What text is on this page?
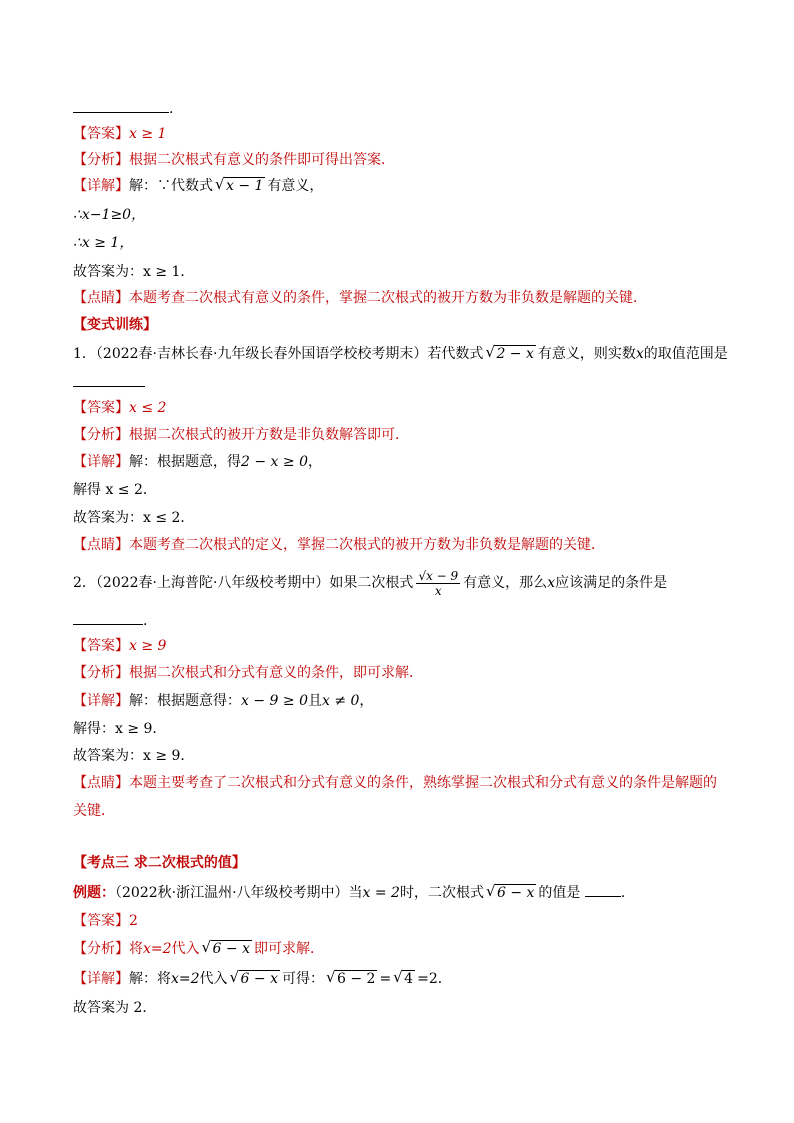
.
【答案】x ≥ 1
【分析】根据二次根式有意义的条件即可得出答案．
【详解】解：∵代数式 √ x − 1 有意义，
∴x−1≥0，
∴x ≥ 1，
故答案为：x ≥ 1．
【点睛】本题考查二次根式有意义的条件，掌握二次根式的被开方数为非负数是解题的关键．
【变式训练】
1．（2022春·吉林长春·九年级长春外国语学校校考期末）若代数式 √ 2 − x 有意义，则实数x的取值范围是
【答案】x ≤ 2
【分析】根据二次根式的被开方数是非负数解答即可．
【详解】解：根据题意，得2 − x ≥ 0，
解得 x ≤ 2．
故答案为：x ≤ 2．
【点睛】本题考查二次根式的定义，掌握二次根式的被开方数为非负数是解题的关键．
2．（2022春·上海普陀·八年级校考期中）如果二次根式 $\frac{√x - 9}{x}$ 有意义，那么x应该满足的条件是
.
【答案】x ≥ 9
【分析】根据二次根式和分式有意义的条件，即可求解．
【详解】解：根据题意得：x − 9 ≥ 0且x ≠ 0，
解得：x ≥ 9．
故答案为：x ≥ 9．
【点睛】本题主要考查了二次根式和分式有意义的条件，熟练掌握二次根式和分式有意义的条件是解题的
关键．
【考点三 求二次根式的值】
例题：（2022秋·浙江温州·八年级校考期中）当x = 2时，二次根式 √ 6 − x 的值是	．
【答案】2
【分析】将x=2代入 √ 6 − x 即可求解．
【详解】解：将x=2代入 √ 6 − x 可得： √ 6 − 2 = √ 4 =2．
故答案为 2．
